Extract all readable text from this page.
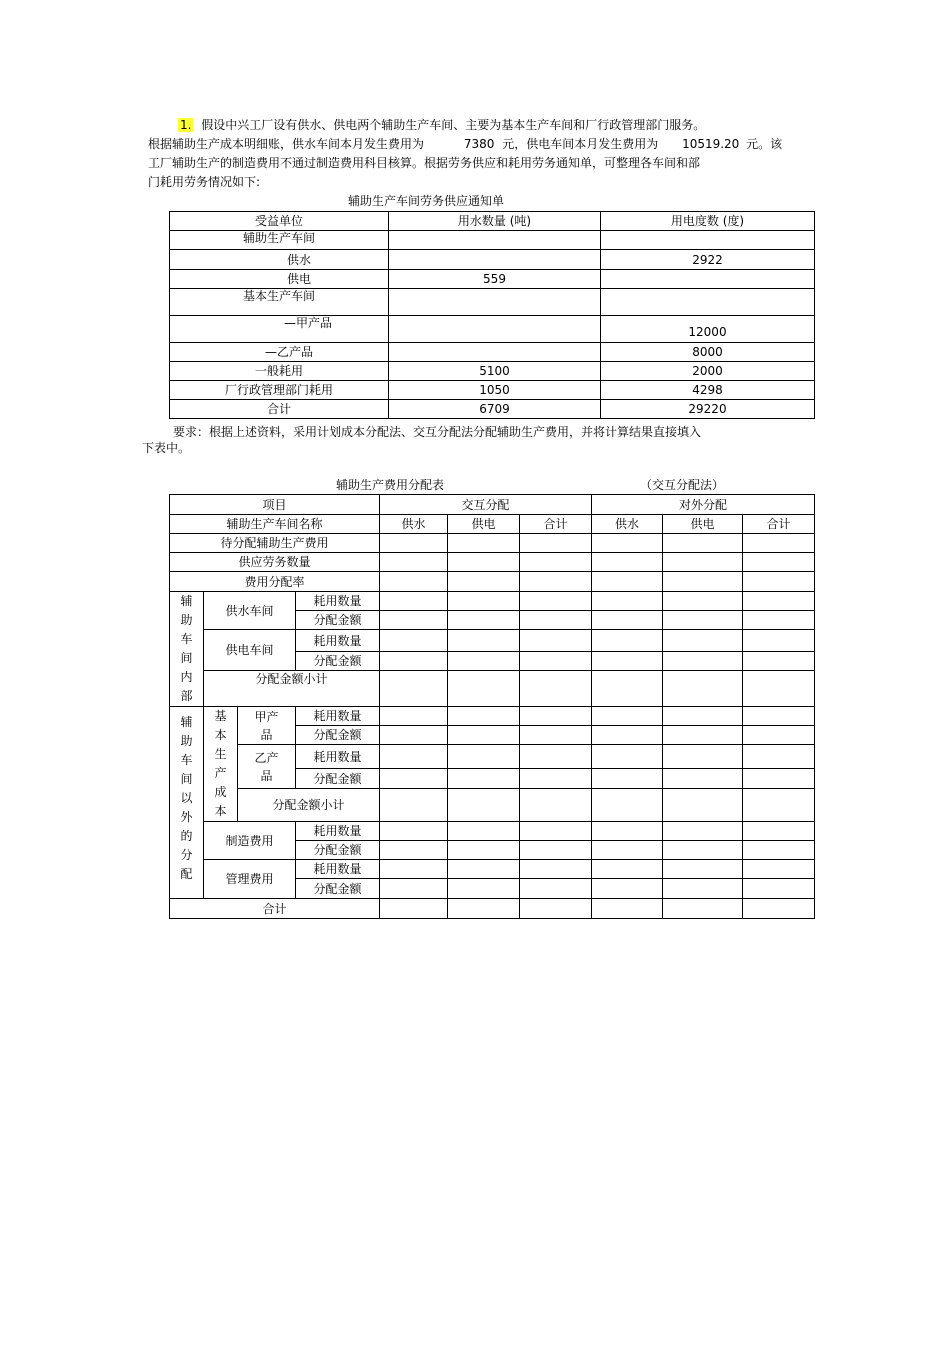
1. 假设中兴工厂设有供水、供电两个辅助生产车间、主要为基本生产车间和厂行政管理部门服务。
根据辅助生产成本明细账，供水车间本月发生费用为	7380 元，供电车间本月发生费用为 10519.20 元。该
工厂辅助生产的制造费用不通过制造费用科目核算。根据劳务供应和耗用劳务通知单，可整理各车间和部
门耗用劳务情况如下:
辅助生产车间劳务供应通知单
受益单位	用水数量 (吨)	用电度数 (度)
辅助生产车间		
供水		2922
供电	559	
基本生产车间		
—甲产品		12000
—乙产品		8000
一般耗用	5100	2000
厂行政管理部门耗用	1050	4298
合计	6709	29220
要求：根据上述资料，采用计划成本分配法、交互分配法分配辅助生产费用，并将计算结果直接填入
下表中。
辅助生产费用分配表	（交互分配法）
项目				交互分配			对外分配		
辅助生产车间名称				供水	供电	合计	供水	供电	合计
待分配辅助生产费用									
供应劳务数量									
费用分配率									
辅助车间内部	供水车间		耗用数量						
			分配金额						
	供电车间		耗用数量						
			分配金额						
	分配金额小计								
辅助车间以外的分配	基本生产成本	甲产品	耗用数量						
			分配金额						
		乙产品	耗用数量						
			分配金额						
		分配金额小计							
	制造费用		耗用数量						
			分配金额						
	管理费用		耗用数量						
			分配金额						
合计									
